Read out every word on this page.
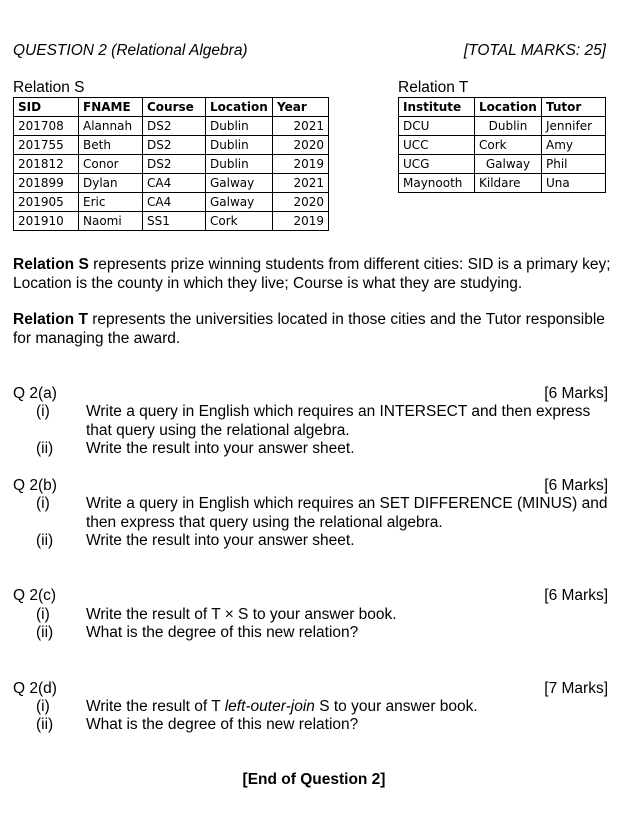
QUESTION 2 (Relational Algebra)	[TOTAL MARKS: 25]
Relation S
SID	FNAME	Course	Location	Year
201708	Alannah	DS2	Dublin	2021
201755	Beth	DS2	Dublin	2020
201812	Conor	DS2	Dublin	2019
201899	Dylan	CA4	Galway	2021
201905	Eric	CA4	Galway	2020
201910	Naomi	SS1	Cork	2019
Relation T
Institute	Location	Tutor
DCU	Dublin	Jennifer
UCC	Cork	Amy
UCG	Galway	Phil
Maynooth	Kildare	Una
Relation S represents prize winning students from different cities: SID is a primary key; Location is the county in which they live; Course is what they are studying.
Relation T represents the universities located in those cities and the Tutor responsible for managing the award.
Q 2(a)	[6 Marks]
(i) Write a query in English which requires an INTERSECT and then express that query using the relational algebra.
(ii) Write the result into your answer sheet.
Q 2(b)	[6 Marks]
(i) Write a query in English which requires an SET DIFFERENCE (MINUS) and then express that query using the relational algebra.
(ii) Write the result into your answer sheet.
Q 2(c)	[6 Marks]
(i) Write the result of T × S to your answer book.
(ii) What is the degree of this new relation?
Q 2(d)	[7 Marks]
(i) Write the result of T left-outer-join S to your answer book.
(ii) What is the degree of this new relation?
[End of Question 2]
